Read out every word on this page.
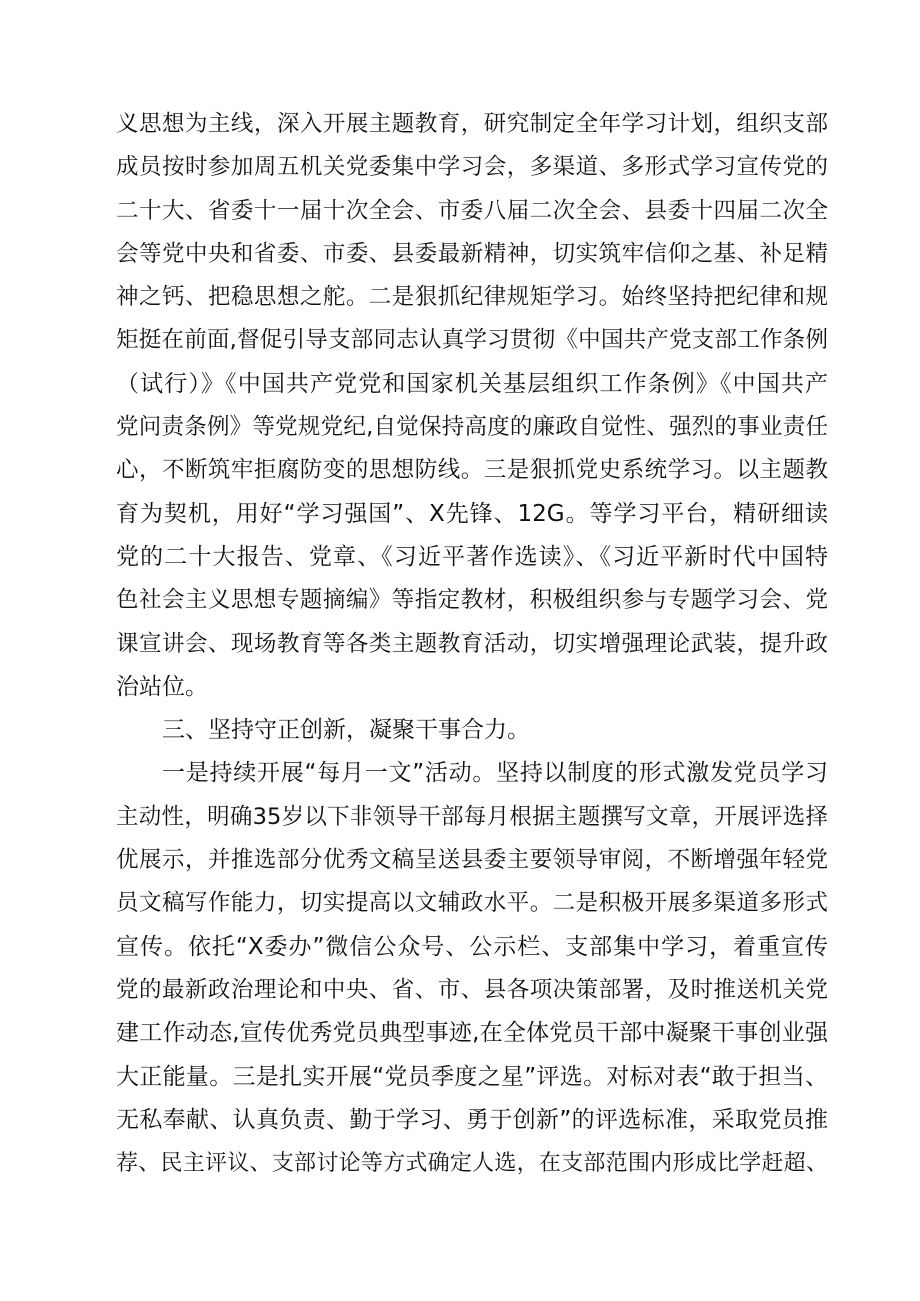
义思想为主线，深入开展主题教育，研究制定全年学习计划，组织支部
成员按时参加周五机关党委集中学习会，多渠道、多形式学习宣传党的
二十大、省委十一届十次全会、市委八届二次全会、县委十四届二次全
会等党中央和省委、市委、县委最新精神，切实筑牢信仰之基、补足精
神之钙、把稳思想之舵。二是狠抓纪律规矩学习。始终坚持把纪律和规
矩挺在前面,督促引导支部同志认真学习贯彻《中国共产党支部工作条例
（试行）》《中国共产党党和国家机关基层组织工作条例》《中国共产
党问责条例》等党规党纪,自觉保持高度的廉政自觉性、强烈的事业责任
心，不断筑牢拒腐防变的思想防线。三是狠抓党史系统学习。以主题教
育为契机，用好“学习强国”、X先锋、12G。等学习平台，精研细读
党的二十大报告、党章、《习近平著作选读》、《习近平新时代中国特
色社会主义思想专题摘编》等指定教材，积极组织参与专题学习会、党
课宣讲会、现场教育等各类主题教育活动，切实增强理论武装，提升政
治站位。
三、坚持守正创新，凝聚干事合力。
一是持续开展“每月一文”活动。坚持以制度的形式激发党员学习
主动性，明确35岁以下非领导干部每月根据主题撰写文章，开展评选择
优展示，并推选部分优秀文稿呈送县委主要领导审阅，不断增强年轻党
员文稿写作能力，切实提高以文辅政水平。二是积极开展多渠道多形式
宣传。依托“X委办”微信公众号、公示栏、支部集中学习，着重宣传
党的最新政治理论和中央、省、市、县各项决策部署，及时推送机关党
建工作动态,宣传优秀党员典型事迹,在全体党员干部中凝聚干事创业强
大正能量。三是扎实开展“党员季度之星”评选。对标对表“敢于担当、
无私奉献、认真负责、勤于学习、勇于创新”的评选标准，采取党员推
荐、民主评议、支部讨论等方式确定人选，在支部范围内形成比学赶超、
